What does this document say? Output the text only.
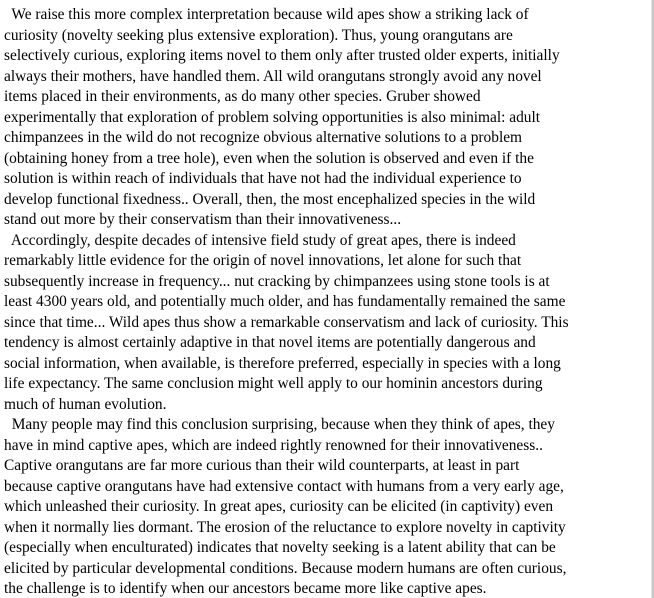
We raise this more complex interpretation because wild apes show a striking lack of
curiosity (novelty seeking plus extensive exploration). Thus, young orangutans are
selectively curious, exploring items novel to them only after trusted older experts, initially
always their mothers, have handled them. All wild orangutans strongly avoid any novel
items placed in their environments, as do many other species. Gruber showed
experimentally that exploration of problem solving opportunities is also minimal: adult
chimpanzees in the wild do not recognize obvious alternative solutions to a problem
(obtaining honey from a tree hole), even when the solution is observed and even if the
solution is within reach of individuals that have not had the individual experience to
develop functional fixedness.. Overall, then, the most encephalized species in the wild
stand out more by their conservatism than their innovativeness...
Accordingly, despite decades of intensive field study of great apes, there is indeed
remarkably little evidence for the origin of novel innovations, let alone for such that
subsequently increase in frequency... nut cracking by chimpanzees using stone tools is at
least 4300 years old, and potentially much older, and has fundamentally remained the same
since that time... Wild apes thus show a remarkable conservatism and lack of curiosity. This
tendency is almost certainly adaptive in that novel items are potentially dangerous and
social information, when available, is therefore preferred, especially in species with a long
life expectancy. The same conclusion might well apply to our hominin ancestors during
much of human evolution.
Many people may find this conclusion surprising, because when they think of apes, they
have in mind captive apes, which are indeed rightly renowned for their innovativeness..
Captive orangutans are far more curious than their wild counterparts, at least in part
because captive orangutans have had extensive contact with humans from a very early age,
which unleashed their curiosity. In great apes, curiosity can be elicited (in captivity) even
when it normally lies dormant. The erosion of the reluctance to explore novelty in captivity
(especially when enculturated) indicates that novelty seeking is a latent ability that can be
elicited by particular developmental conditions. Because modern humans are often curious,
the challenge is to identify when our ancestors became more like captive apes.
